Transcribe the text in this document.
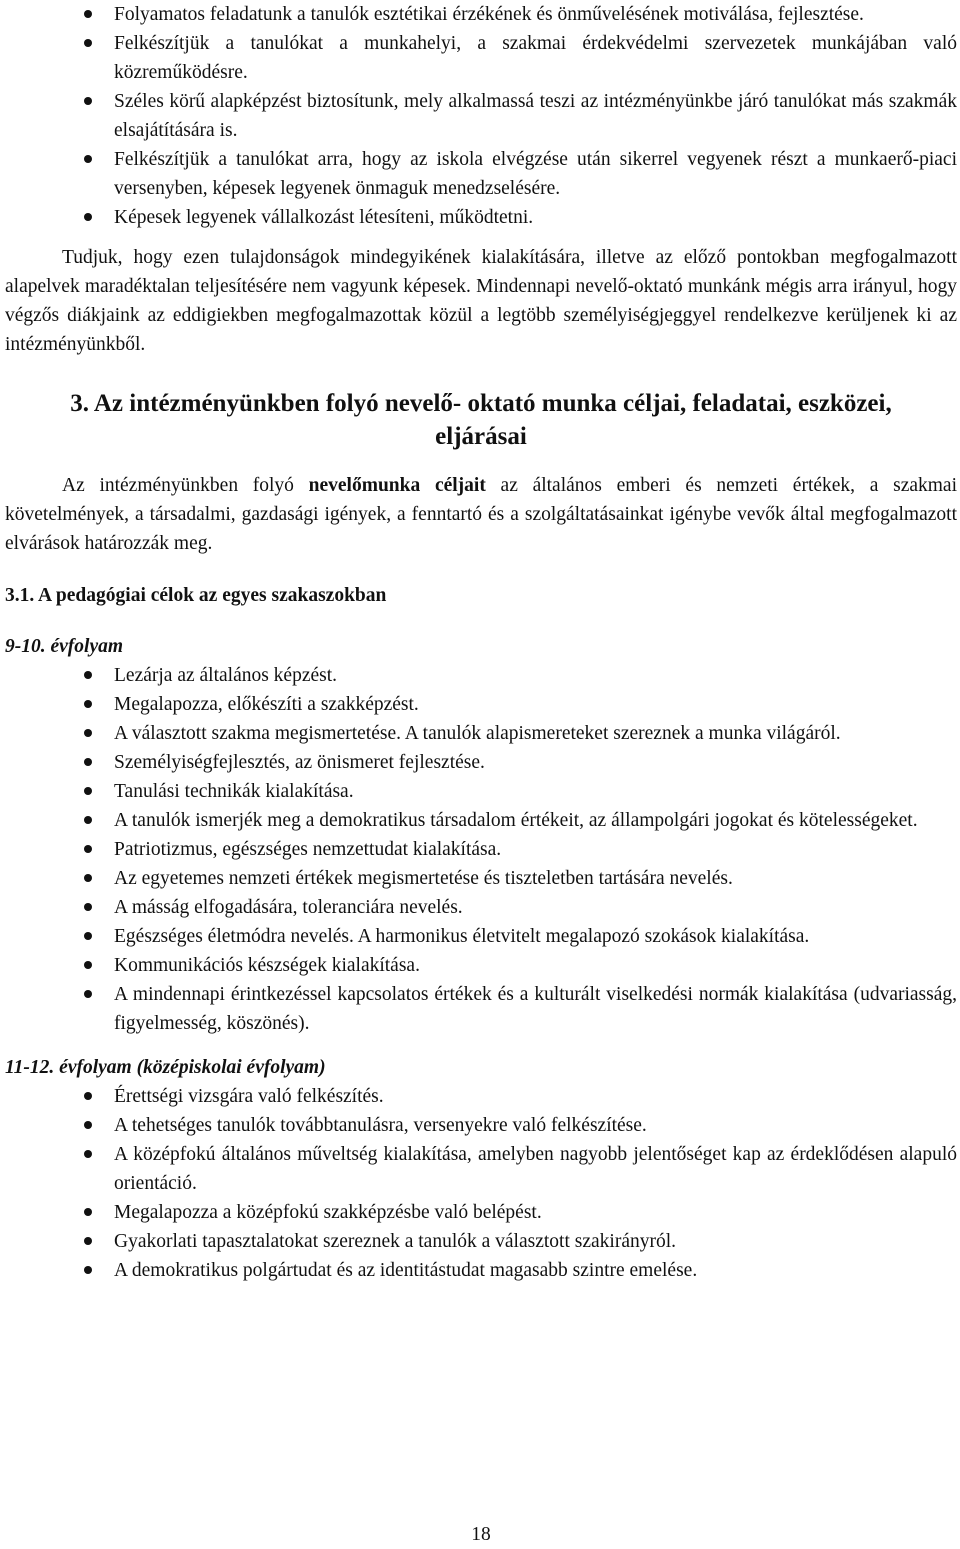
Folyamatos feladatunk a tanulók esztétikai érzékének és önművelésének motiválása, fejlesztése.
Felkészítjük a tanulókat a munkahelyi, a szakmai érdekvédelmi szervezetek munkájában való közreműködésre.
Széles körű alapképzést biztosítunk, mely alkalmassá teszi az intézményünkbe járó tanulókat más szakmák elsajátítására is.
Felkészítjük a tanulókat arra, hogy az iskola elvégzése után sikerrel vegyenek részt a munkaerő-piaci versenyben, képesek legyenek önmaguk menedzselésére.
Képesek legyenek vállalkozást létesíteni, működtetni.

Tudjuk, hogy ezen tulajdonságok mindegyikének kialakítására, illetve az előző pontokban megfogalmazott alapelvek maradéktalan teljesítésére nem vagyunk képesek. Mindennapi nevelő-oktató munkánk mégis arra irányul, hogy végzős diákjaink az eddigiekben megfogalmazottak közül a legtöbb személyiségjeggyel rendelkezve kerüljenek ki az intézményünkből.

3. Az intézményünkben folyó nevelő- oktató munka céljai, feladatai, eszközei,
eljárásai

Az intézményünkben folyó nevelőmunka céljait az általános emberi és nemzeti értékek, a szakmai követelmények, a társadalmi, gazdasági igények, a fenntartó és a szolgáltatásainkat igénybe vevők által megfogalmazott elvárások határozzák meg.

3.1. A pedagógiai célok az egyes szakaszokban

9-10. évfolyam

Lezárja az általános képzést.
Megalapozza, előkészíti a szakképzést.
A választott szakma megismertetése. A tanulók alapismereteket szereznek a munka világáról.
Személyiségfejlesztés, az önismeret fejlesztése.
Tanulási technikák kialakítása.
A tanulók ismerjék meg a demokratikus társadalom értékeit, az állampolgári jogokat és kötelességeket.
Patriotizmus, egészséges nemzettudat kialakítása.
Az egyetemes nemzeti értékek megismertetése és tiszteletben tartására nevelés.
A másság elfogadására, toleranciára nevelés.
Egészséges életmódra nevelés. A harmonikus életvitelt megalapozó szokások kialakítása.
Kommunikációs készségek kialakítása.
A mindennapi érintkezéssel kapcsolatos értékek és a kulturált viselkedési normák kialakítása (udvariasság, figyelmesség, köszönés).

11-12. évfolyam (középiskolai évfolyam)

Érettségi vizsgára való felkészítés.
A tehetséges tanulók továbbtanulásra, versenyekre való felkészítése.
A középfokú általános műveltség kialakítása, amelyben nagyobb jelentőséget kap az érdeklődésen alapuló orientáció.
Megalapozza a középfokú szakképzésbe való belépést.
Gyakorlati tapasztalatokat szereznek a tanulók a választott szakirányról.
A demokratikus polgártudat és az identitástudat magasabb szintre emelése.
18
